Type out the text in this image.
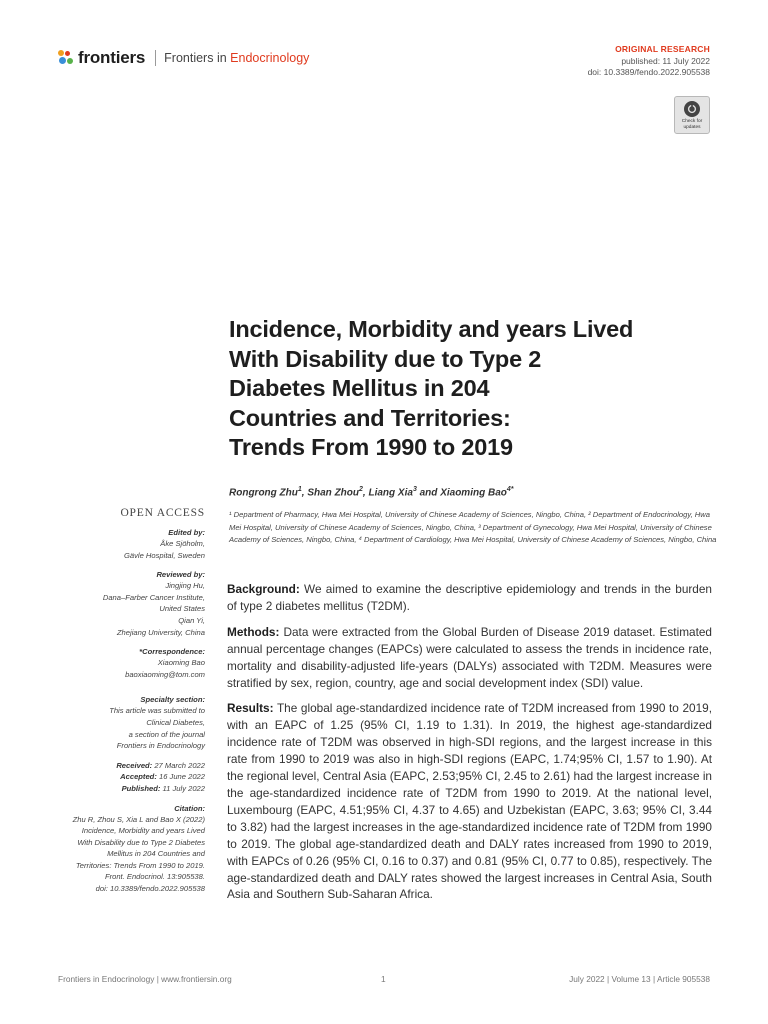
frontiers Frontiers in Endocrinology
ORIGINAL RESEARCH
published: 11 July 2022
doi: 10.3389/fendo.2022.905538
Check for updates
Incidence, Morbidity and years Lived
With Disability due to Type 2
Diabetes Mellitus in 204
Countries and Territories:
Trends From 1990 to 2019
Rongrong Zhu$^1$, Shan Zhou$^2$, Liang Xia$^3$ and Xiaoming Bao$^{4*}$
¹ Department of Pharmacy, Hwa Mei Hospital, University of Chinese Academy of Sciences, Ningbo, China, ² Department of Endocrinology, Hwa Mei Hospital, University of Chinese Academy of Sciences, Ningbo, China, ³ Department of Gynecology, Hwa Mei Hospital, University of Chinese Academy of Sciences, Ningbo, China, ⁴ Department of Cardiology, Hwa Mei Hospital, University of Chinese Academy of Sciences, Ningbo, China
OPEN ACCESS
Edited by:
Åke Sjöholm,
Gävle Hospital, Sweden
Reviewed by:
Jingjing Hu,
Dana–Farber Cancer Institute,
United States
Qian Yi,
Zhejiang University, China
*Correspondence:
Xiaoming Bao
baoxiaoming@tom.com
Specialty section:
This article was submitted to
Clinical Diabetes,
a section of the journal
Frontiers in Endocrinology
Received: 27 March 2022
Accepted: 16 June 2022
Published: 11 July 2022
Citation:
Zhu R, Zhou S, Xia L and Bao X (2022)
Incidence, Morbidity and years Lived
With Disability due to Type 2 Diabetes
Mellitus in 204 Countries and
Territories: Trends From 1990 to 2019.
Front. Endocrinol. 13:905538.
doi: 10.3389/fendo.2022.905538

Background: We aimed to examine the descriptive epidemiology and trends in the burden of type 2 diabetes mellitus (T2DM).

Methods: Data were extracted from the Global Burden of Disease 2019 dataset. Estimated annual percentage changes (EAPCs) were calculated to assess the trends in incidence rate, mortality and disability-adjusted life-years (DALYs) associated with T2DM. Measures were stratified by sex, region, country, age and social development index (SDI) value.

Results: The global age-standardized incidence rate of T2DM increased from 1990 to 2019, with an EAPC of 1.25 (95% CI, 1.19 to 1.31). In 2019, the highest age-standardized incidence rate of T2DM was observed in high-SDI regions, and the largest increase in this rate from 1990 to 2019 was also in high-SDI regions (EAPC, 1.74;95% CI, 1.57 to 1.90). At the regional level, Central Asia (EAPC, 2.53;95% CI, 2.45 to 2.61) had the largest increase in the age-standardized incidence rate of T2DM from 1990 to 2019. At the national level, Luxembourg (EAPC, 4.51;95% CI, 4.37 to 4.65) and Uzbekistan (EAPC, 3.63; 95% CI, 3.44 to 3.82) had the largest increases in the age-standardized incidence rate of T2DM from 1990 to 2019. The global age-standardized death and DALY rates increased from 1990 to 2019, with EAPCs of 0.26 (95% CI, 0.16 to 0.37) and 0.81 (95% CI, 0.77 to 0.85), respectively. The age-standardized death and DALY rates showed the largest increases in Central Asia, South Asia and Southern Sub-Saharan Africa.

Frontiers in Endocrinology | www.frontiersin.org	1	July 2022 | Volume 13 | Article 905538
